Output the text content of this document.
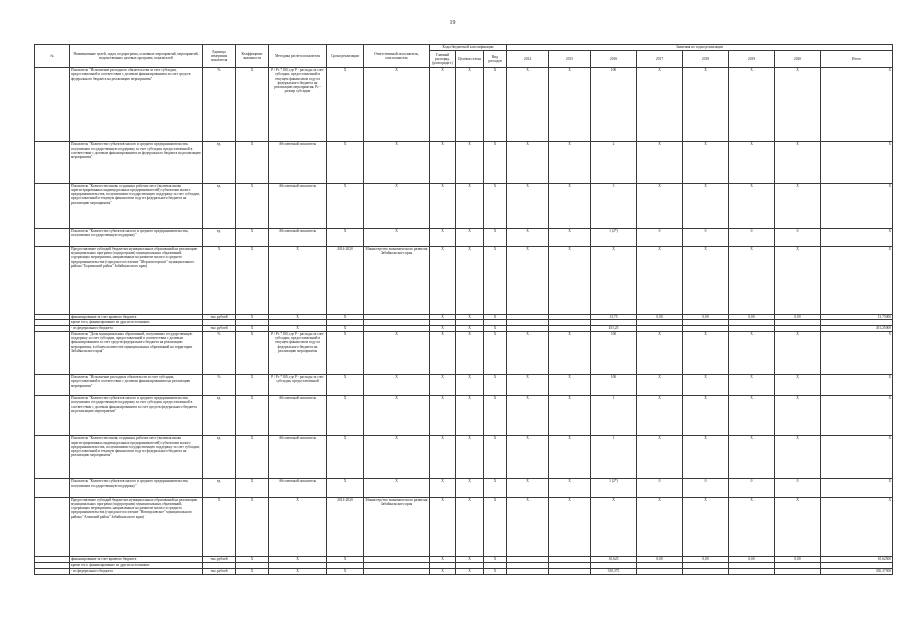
19
№	Наименование целей, задач, подпрограмм, основных мероприятий, мероприятий, ведомственных целевых программ, показателей	Единица измерения показателя	Коэффициент значимости	Методика расчета показателя	Сроки реализации	Ответственный исполнитель, соисполнитель	Коды бюджетной классификации			Значения по годам реализации							
							Главный распоряд. (распорядит.)	Целевая статья	Вид расходов	2014	2015	2016	2017	2018	2019	2020	Итого
	Показатель "Исполнение расходного обязательства за счет субсидии, предоставленной в соответствии с долевым финансированием за счет средств федерального бюджета на реализацию мероприятия"	%	X	P / Pc *100, где P - расходы за счет субсидии, предоставленной в текущем финансовом году из федерального бюджета на реализацию мероприятия; Pc - размер субсидии	X	X	X	X	X	X	X	100	X	X	X	X	X
	Показатель "Количество субъектов малого и среднего предпринимательства, получивших государственную поддержку за счет субсидии, предоставленной в соответствии с долевым финансированием из федерального бюджета на реализацию мероприятия"	ед.	X	Абсолютный показатель	X	X	X	X	X	X	X	2	X	X	X	X	X
	Показатель "Количество вновь созданных рабочих мест (включая вновь зарегистрированных индивидуальных предпринимателей) субъектами малого предпринимательства, получившими государственную поддержку за счет субсидии, предоставленной в текущем финансовом году из федерального бюджета на реализацию мероприятия"	ед.	X	Абсолютный показатель	X	X	X	X	X	X	X	3	X	X	X	X	X
	Показатель "Количество субъектов малого и среднего предпринимательства, получивших государственную поддержку"	ед.	X	Абсолютный показатель	X	X	X	X	X	X	X	1 (2*)	0	0	0	0	X
	Предоставление субсидий бюджетам муниципальных образований на реализацию муниципальных программ (подпрограмм) муниципальных образований, содержащих мероприятия, направленные на развитие малого и среднего предпринимательства (городское поселение "Шерловогорское" муниципального района "Борзинский район" Забайкальского края)	X	X	X	2014-2020	Министерство экономического развития Забайкальского края	X	X	X	X	X	X	X	X	X	X	X
	финансирование за счет краевого бюджета	тыс.рублей	X	X	X		X	X	X			13,75	0,00	0,00	0,00	0,00	13,75000
	кроме того, финансирование из других источников:																
	- из федерального бюджета	тыс.рублей	X	X	X		X	X	X			451,25					451,25000
	Показатель "Доля муниципальных образований, получивших государственную поддержку за счет субсидии, предоставленной в соответствии с долевым финансированием за счет средств федерального бюджета на реализацию мероприятия, в общем количестве муниципальных образований на территории Забайкальского края"	%	X	P / Pc *100, где P - расходы за счет субсидии, предоставленной в текущем финансовом году из федерального бюджета на реализацию мероприятия	X	X	X	X	X	X	X	100	X	X	X	X	X
	Показатель "Исполнение расходных обязательств за счет субсидии, предоставленной в соответствии с долевым финансированием на реализацию мероприятия"	%	X	P / Pc *100, где P - расходы за счет субсидии, предоставленной	X	X	X	X	X	X	X	100	X	X	X	X	X
	Показатель "Количество субъектов малого и среднего предпринимательства, получивших государственную поддержку за счет субсидии, предоставленной в соответствии с долевым финансированием за счет средств федерального бюджета на реализацию мероприятия"	ед.	X	Абсолютный показатель	X	X	X	X	X	X	X	1	X	X	X	X	X
	Показатель "Количество вновь созданных рабочих мест (включая вновь зарегистрированных индивидуальных предпринимателей) субъектами малого предпринимательства, получившими государственную поддержку за счет субсидии, предоставленной в текущем финансовом году из федерального бюджета на реализацию мероприятия"	ед.	X	Абсолютный показатель	X	X	X	X	X	X	X	1	X	X	X	X	X
	Показатель "Количество субъектов малого и среднего предпринимательства, получивших государственную поддержку"	ед.	X	Абсолютный показатель	X	X	X	X	X	X	X	1 (2*)	0	0	0	0	X
	Предоставление субсидий бюджетам муниципальных образований на реализацию муниципальных программ (подпрограмм) муниципальных образований, содержащих мероприятия, направленные на развитие малого и среднего предпринимательства (городское поселение "Новоорловское" муниципального района "Агинский район" Забайкальского края)	X	X	X	2014-2020	Министерство экономического развития Забайкальского края	X	X	X	X	X	X	X	X	X	X	X
	финансирование за счет краевого бюджета	тыс.рублей	X	X	X		X	X	X			10,625	0,00	0,00	0,00	0,00	10,62500
	кроме того, финансирование из других источников:																
	- из федерального бюджета	тыс.рублей	X	X	X		X	X	X			350,375					350,37500
